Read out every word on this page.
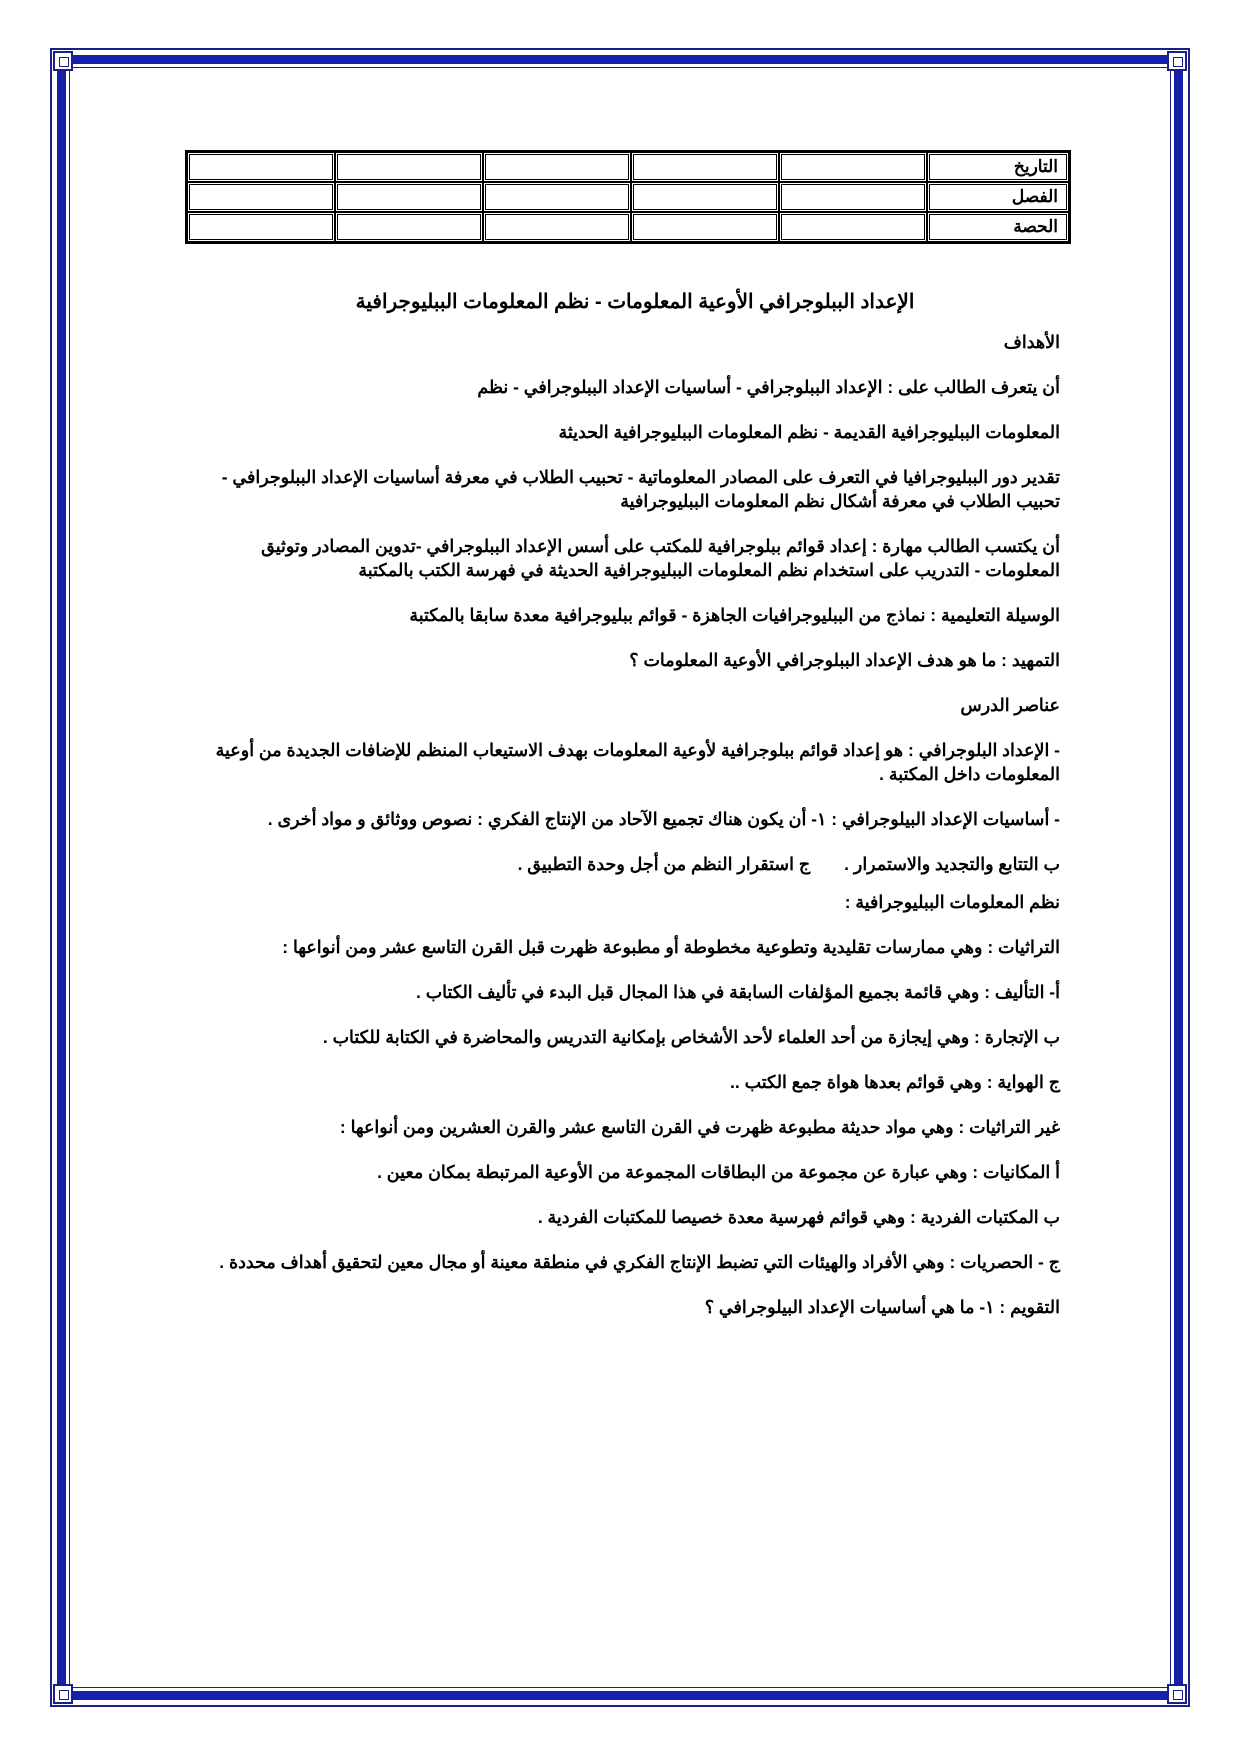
التاريخ					
الفصل					
الحصة					
الإعداد الببلوجرافي الأوعية المعلومات - نظم المعلومات الببليوجرافية

الأهداف

أن يتعرف الطالب على : الإعداد الببلوجرافي - أساسيات الإعداد الببلوجرافي - نظم

المعلومات الببليوجرافية القديمة - نظم المعلومات الببليوجرافية الحديثة

تقدير دور الببليوجرافيا في التعرف على المصادر المعلوماتية - تحبيب الطلاب في معرفة أساسيات الإعداد الببلوجرافي - تحبيب الطلاب في معرفة أشكال نظم المعلومات الببليوجرافية

أن يكتسب الطالب مهارة : إعداد قوائم ببلوجرافية للمكتب على أسس الإعداد الببلوجرافي -تدوين المصادر وتوثيق المعلومات - التدريب على استخدام نظم المعلومات الببليوجرافية الحديثة في فهرسة الكتب بالمكتبة

الوسيلة التعليمية : نماذج من الببليوجرافيات الجاهزة - قوائم ببليوجرافية معدة سابقا بالمكتبة

التمهيد : ما هو هدف الإعداد الببلوجرافي الأوعية المعلومات ؟

عناصر الدرس

- الإعداد البلوجرافي : هو إعداد قوائم ببلوجرافية لأوعية المعلومات بهدف الاستيعاب المنظم للإضافات الجديدة من أوعية المعلومات داخل المكتبة .

- أساسيات الإعداد البيلوجرافي : ١- أن يكون هناك تجميع الآحاد من الإنتاج الفكري : نصوص ووثائق و مواد أخرى .

ب التتابع والتجديد والاستمرار .       ج استقرار النظم من أجل وحدة التطبيق .

نظم المعلومات الببليوجرافية :

التراثيات : وهي ممارسات تقليدية وتطوعية مخطوطة أو مطبوعة ظهرت قبل القرن التاسع عشر ومن أنواعها :

أ- التأليف : وهي قائمة بجميع المؤلفات السابقة في هذا المجال قبل البدء في تأليف الكتاب .

ب الإتجارة : وهي إيجازة من أحد العلماء لأحد الأشخاص بإمكانية التدريس والمحاضرة في الكتابة للكتاب .

ج الهواية : وهي قوائم بعدها هواة جمع الكتب ..

غير التراثيات : وهي مواد حديثة مطبوعة ظهرت في القرن التاسع عشر والقرن العشرين ومن أنواعها :

أ المكانيات : وهي عبارة عن مجموعة من البطاقات المجموعة من الأوعية المرتبطة بمكان معين .

ب المكتبات الفردية : وهي قوائم فهرسية معدة خصيصا للمكتبات الفردية .

ج - الحصريات : وهي الأفراد والهيئات التي تضبط الإنتاج الفكري في منطقة معينة أو مجال معين لتحقيق أهداف محددة .

التقويم : ١- ما هي أساسيات الإعداد البيلوجرافي ؟
